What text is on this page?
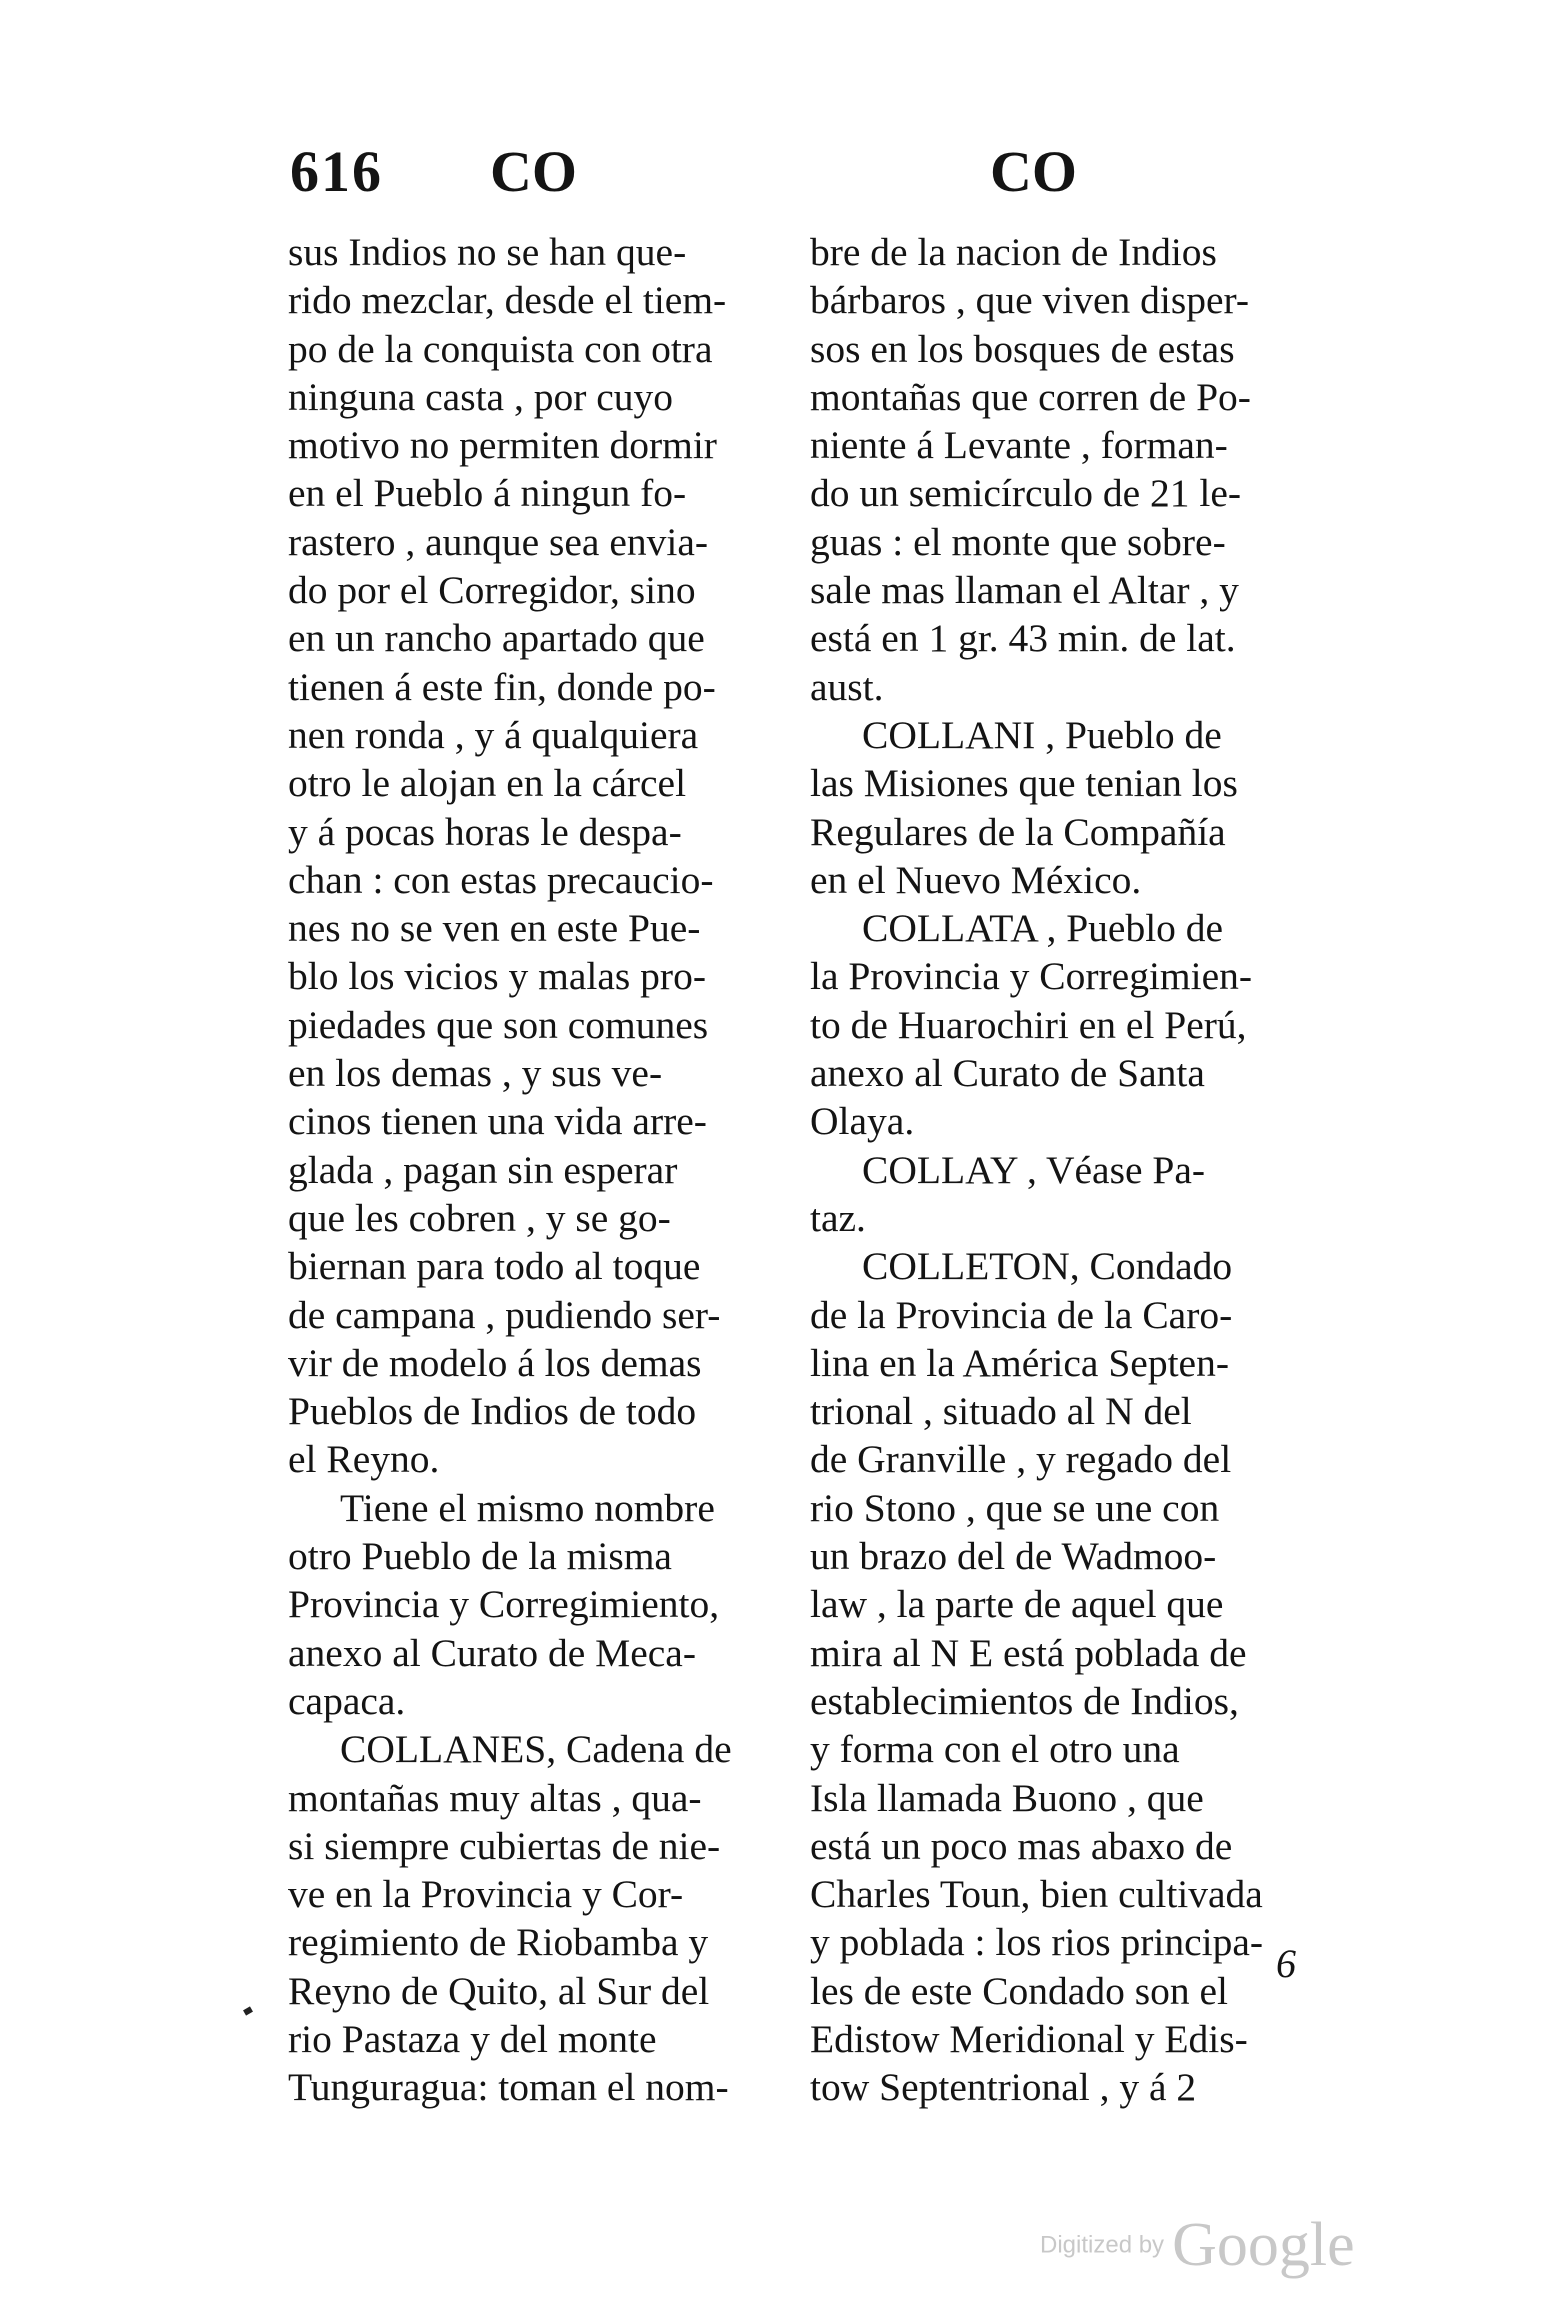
616 CO	CO
sus Indios no se han que-
rido mezclar, desde el tiem-
po de la conquista con otra
ninguna casta , por cuyo
motivo no permiten dormir
en el Pueblo á ningun fo-
rastero , aunque sea envia-
do por el Corregidor, sino
en un rancho apartado que
tienen á este fin, donde po-
nen ronda , y á qualquiera
otro le alojan en la cárcel
y á pocas horas le despa-
chan : con estas precaucio-
nes no se ven en este Pue-
blo los vicios y malas pro-
piedades que son comunes
en los demas , y sus ve-
cinos tienen una vida arre-
glada , pagan sin esperar
que les cobren , y se go-
biernan para todo al toque
de campana , pudiendo ser-
vir de modelo á los demas
Pueblos de Indios de todo
el Reyno.
Tiene el mismo nombre
otro Pueblo de la misma
Provincia y Corregimiento,
anexo al Curato de Meca-
capaca.
COLLANES, Cadena de
montañas muy altas , qua-
si siempre cubiertas de nie-
ve en la Provincia y Cor-
regimiento de Riobamba y
Reyno de Quito, al Sur del
rio Pastaza y del monte
Tunguragua: toman el nom-
bre de la nacion de Indios
bárbaros , que viven disper-
sos en los bosques de estas
montañas que corren de Po-
niente á Levante , forman-
do un semicírculo de 21 le-
guas : el monte que sobre-
sale mas llaman el Altar , y
está en 1 gr. 43 min. de lat.
aust.
COLLANI , Pueblo de
las Misiones que tenian los
Regulares de la Compañía
en el Nuevo México.
COLLATA , Pueblo de
la Provincia y Corregimien-
to de Huarochiri en el Perú,
anexo al Curato de Santa
Olaya.
COLLAY , Véase Pa-
taz.
COLLETON, Condado
de la Provincia de la Caro-
lina en la América Septen-
trional , situado al N del
de Granville , y regado del
rio Stono , que se une con
un brazo del de Wadmoo-
law , la parte de aquel que
mira al N E está poblada de
establecimientos de Indios,
y forma con el otro una
Isla llamada Buono , que
está un poco mas abaxo de
Charles Toun, bien cultivada
y poblada : los rios principa-
les de este Condado son el
Edistow Meridional y Edis-
tow Septentrional , y á 2
6
Digitized by Google
